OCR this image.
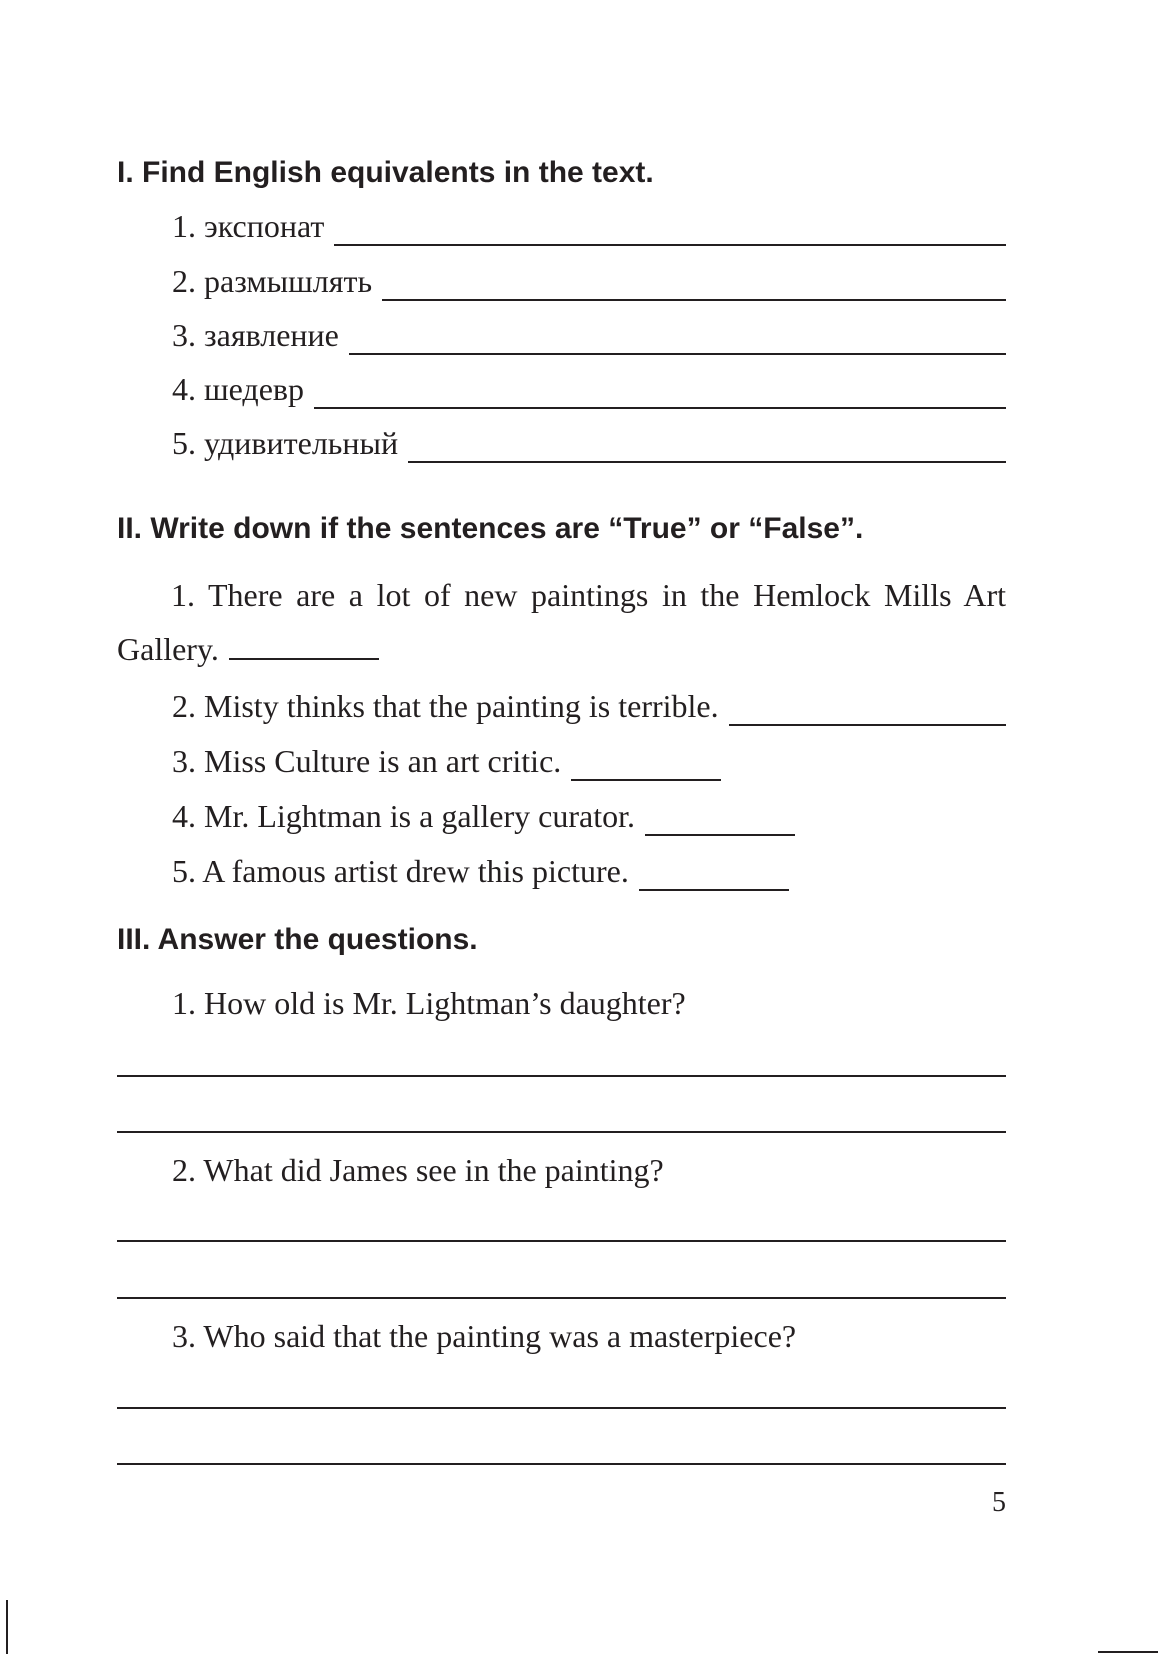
I. Find English equivalents in the text.
1. экспонат
2. размышлять
3. заявление
4. шедевр
5. удивительный
II. Write down if the sentences are “True” or “False”.
1. There are a lot of new paintings in the Hemlock Mills Art Gallery.
2. Misty thinks that the painting is terrible.
3. Miss Culture is an art critic.
4. Mr. Lightman is a gallery curator.
5. A famous artist drew this picture.
III. Answer the questions.
1. How old is Mr. Lightman’s daughter?
2. What did James see in the painting?
3. Who said that the painting was a masterpiece?
5
